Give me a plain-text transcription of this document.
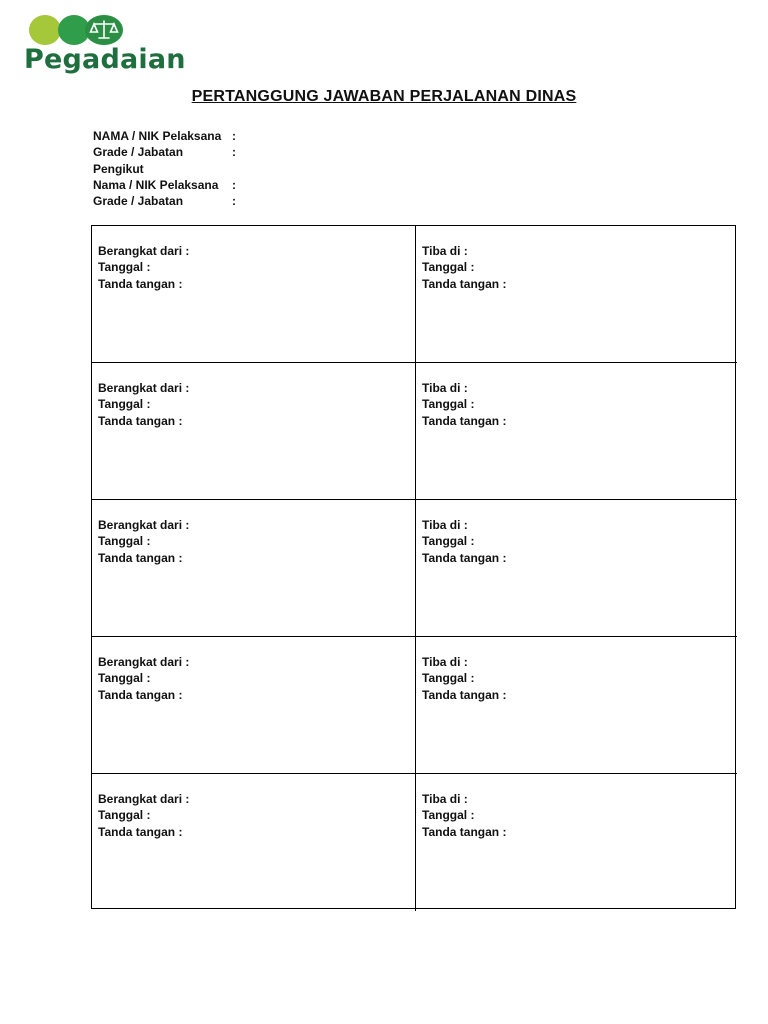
Pegadaian
PERTANGGUNG JAWABAN PERJALANAN DINAS
NAMA / NIK Pelaksana :
Grade / Jabatan	:
Pengikut
Nama / NIK Pelaksana :
Grade / Jabatan	:
Berangkat dari :
Tanggal :
Tanda tangan :
Tiba di :
Tanggal :
Tanda tangan :
Berangkat dari :
Tanggal :
Tanda tangan :
Tiba di :
Tanggal :
Tanda tangan :
Berangkat dari :
Tanggal :
Tanda tangan :
Tiba di :
Tanggal :
Tanda tangan :
Berangkat dari :
Tanggal :
Tanda tangan :
Tiba di :
Tanggal :
Tanda tangan :
Berangkat dari :
Tanggal :
Tanda tangan :
Tiba di :
Tanggal :
Tanda tangan :
